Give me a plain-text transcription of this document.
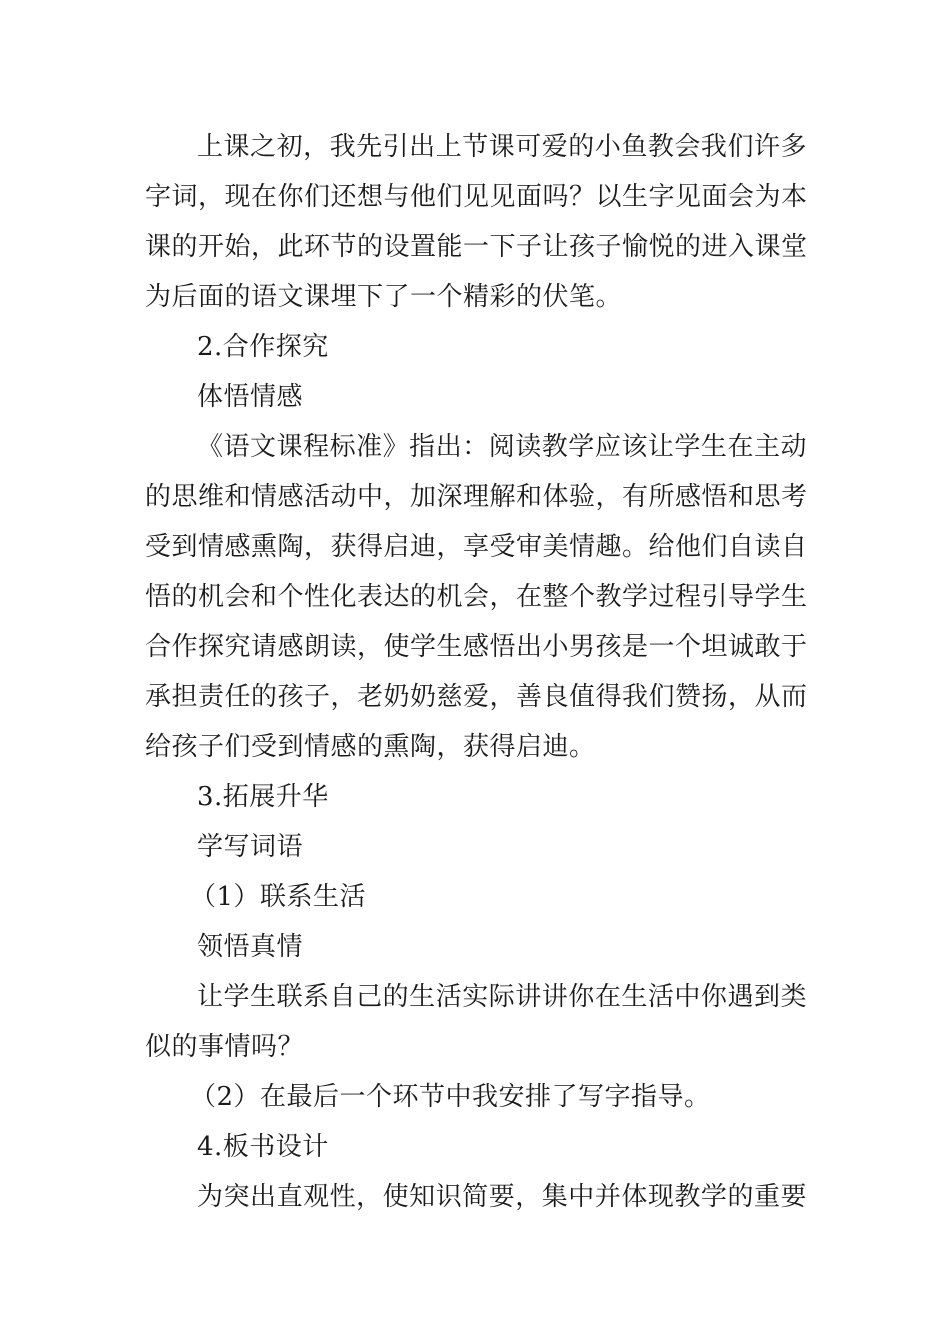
上课之初，我先引出上节课可爱的小鱼教会我们许多
字词，现在你们还想与他们见见面吗？以生字见面会为本
课的开始，此环节的设置能一下子让孩子愉悦的进入课堂
为后面的语文课埋下了一个精彩的伏笔。
2.合作探究
体悟情感
《语文课程标准》指出：阅读教学应该让学生在主动
的思维和情感活动中，加深理解和体验，有所感悟和思考
受到情感熏陶，获得启迪，享受审美情趣。给他们自读自
悟的机会和个性化表达的机会，在整个教学过程引导学生
合作探究请感朗读，使学生感悟出小男孩是一个坦诚敢于
承担责任的孩子，老奶奶慈爱，善良值得我们赞扬，从而
给孩子们受到情感的熏陶，获得启迪。
3.拓展升华
学写词语
（1）联系生活
领悟真情
让学生联系自己的生活实际讲讲你在生活中你遇到类
似的事情吗？
（2）在最后一个环节中我安排了写字指导。
4.板书设计
为突出直观性，使知识简要，集中并体现教学的重要
